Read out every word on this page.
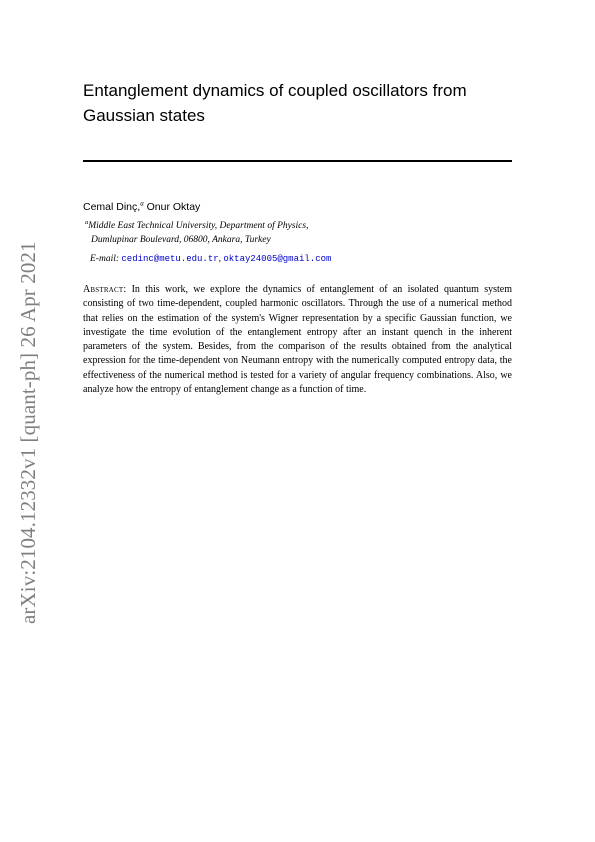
arXiv:2104.12332v1 [quant-ph] 26 Apr 2021
Entanglement dynamics of coupled oscillators from Gaussian states
Cemal Dinç,$^a$ Onur Oktay
$^a$Middle East Technical University, Department of Physics,
Dumlupinar Boulevard, 06800, Ankara, Turkey
E-mail: cedinc@metu.edu.tr, oktay24005@gmail.com

Abstract: In this work, we explore the dynamics of entanglement of an isolated quantum system consisting of two time-dependent, coupled harmonic oscillators. Through the use of a numerical method that relies on the estimation of the system's Wigner representation by a specific Gaussian function, we investigate the time evolution of the entanglement entropy after an instant quench in the inherent parameters of the system. Besides, from the comparison of the results obtained from the analytical expression for the time-dependent von Neumann entropy with the numerically computed entropy data, the effectiveness of the numerical method is tested for a variety of angular frequency combinations. Also, we analyze how the entropy of entanglement change as a function of time.
